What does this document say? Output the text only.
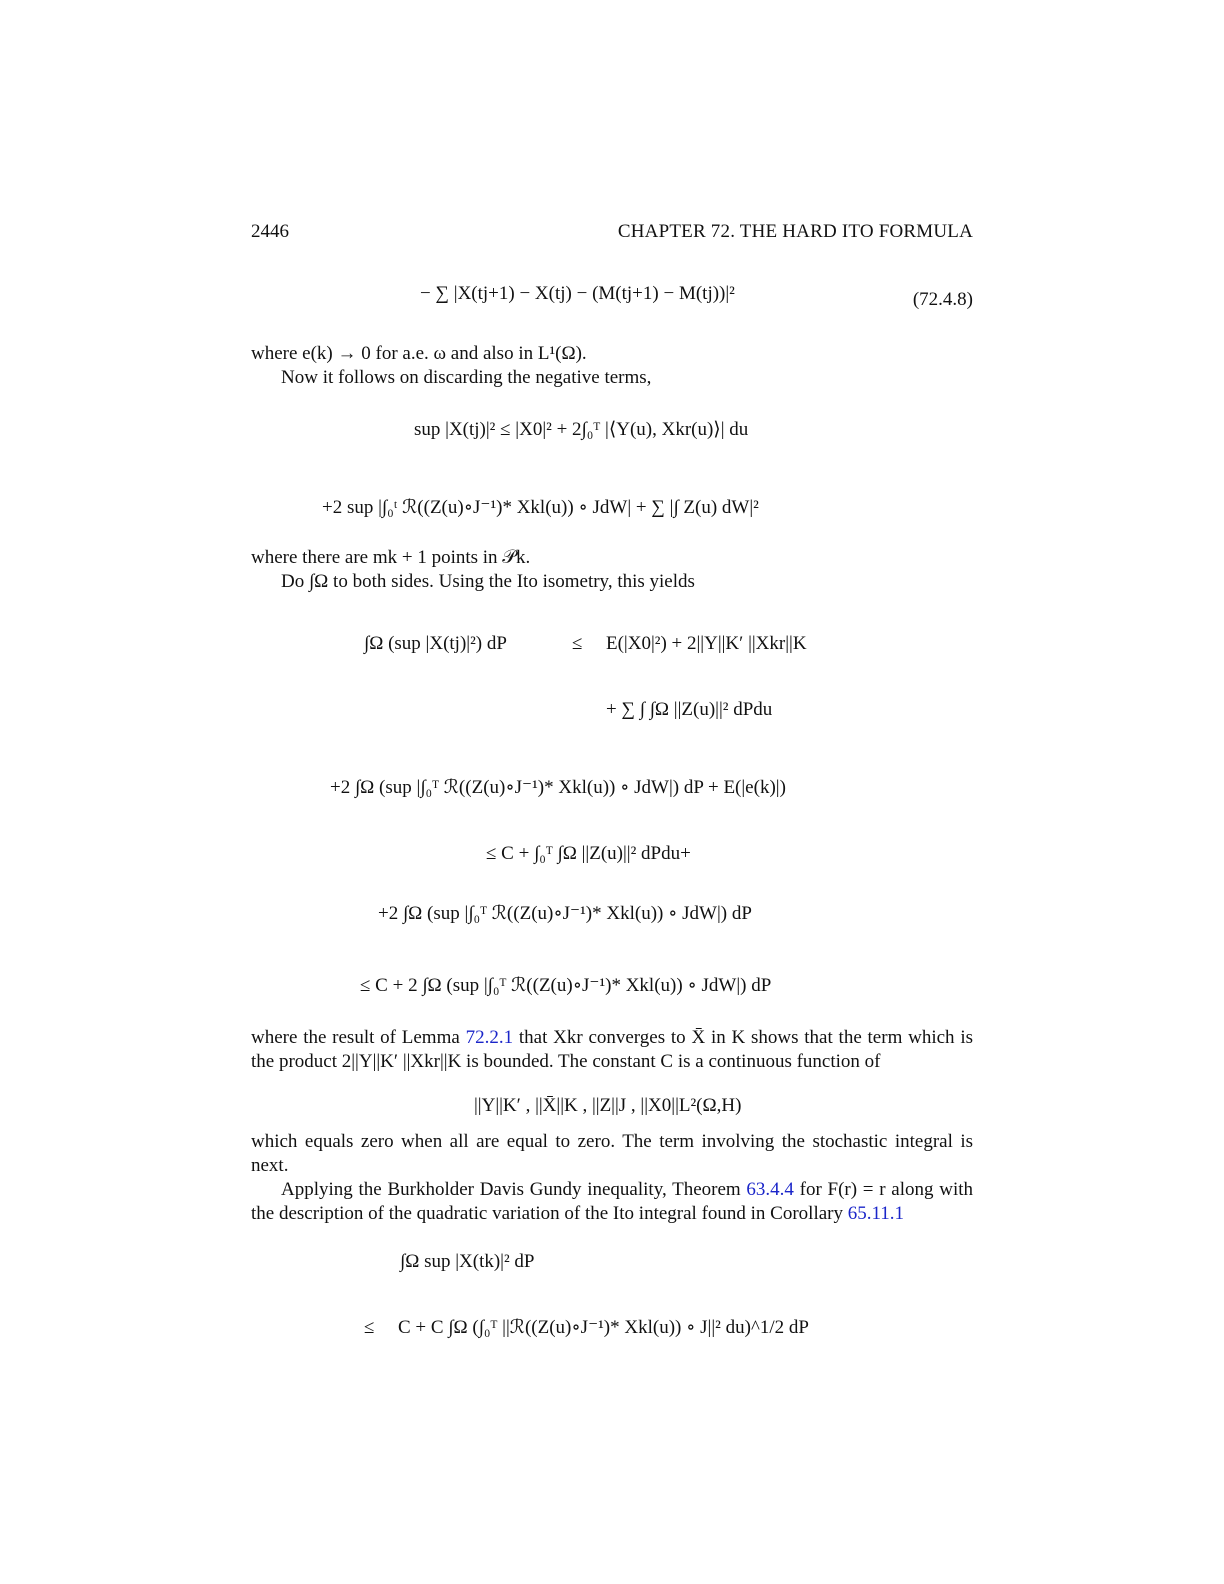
2446	CHAPTER 72. THE HARD ITO FORMULA
− ∑ |X(tj+1) − X(tj) − (M(tj+1) − M(tj))|²	(72.4.8)
where e(k) → 0 for a.e. ω and also in L¹(Ω).
Now it follows on discarding the negative terms,
sup |X(tj)|² ≤ |X0|² + 2∫₀ᵀ |⟨Y(u), Xkr(u)⟩| du
+2 sup |∫₀ᵗ ℛ((Z(u)∘J⁻¹)* Xkl(u)) ∘ JdW| + ∑ |∫ Z(u) dW|²
where there are mk + 1 points in 𝒫k.
Do ∫Ω to both sides. Using the Ito isometry, this yields
∫Ω (sup |X(tj)|²) dP	≤ E(|X0|²) + 2||Y||K′ ||Xkr||K
+ ∑ ∫ ∫Ω ||Z(u)||² dPdu
+2 ∫Ω (sup |∫₀ᵀ ℛ((Z(u)∘J⁻¹)* Xkl(u)) ∘ JdW|) dP + E(|e(k)|)
≤ C + ∫₀ᵀ ∫Ω ||Z(u)||² dPdu+
+2 ∫Ω (sup |∫₀ᵀ ℛ((Z(u)∘J⁻¹)* Xkl(u)) ∘ JdW|) dP
≤ C + 2 ∫Ω (sup |∫₀ᵀ ℛ((Z(u)∘J⁻¹)* Xkl(u)) ∘ JdW|) dP
where the result of Lemma 72.2.1 that Xkr converges to X̄ in K shows that the term which is the product 2||Y||K′ ||Xkr||K is bounded. The constant C is a continuous function of
||Y||K′ , ||X̄||K , ||Z||J , ||X0||L²(Ω,H)
which equals zero when all are equal to zero. The term involving the stochastic integral is next.
Applying the Burkholder Davis Gundy inequality, Theorem 63.4.4 for F(r) = r along with the description of the quadratic variation of the Ito integral found in Corollary 65.11.1
∫Ω sup |X(tk)|² dP
≤ C + C ∫Ω (∫₀ᵀ ||ℛ((Z(u)∘J⁻¹)* Xkl(u)) ∘ J||² du)^1/2 dP
